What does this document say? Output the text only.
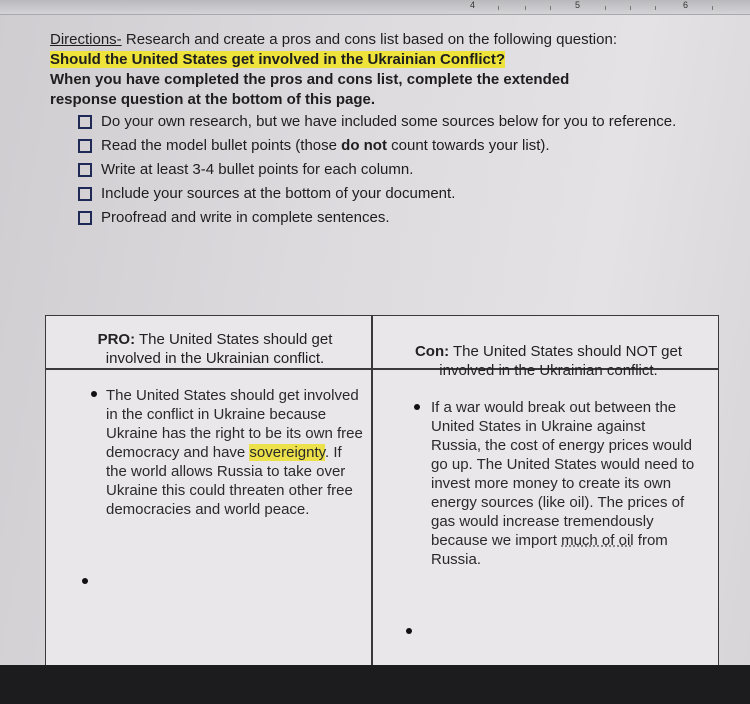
4	5	6
Directions- Research and create a pros and cons list based on the following question:
Should the United States get involved in the Ukrainian Conflict?
When you have completed the pros and cons list, complete the extended
response question at the bottom of this page.
Do your own research, but we have included some sources below for you to reference.
Read the model bullet points (those do not count towards your list).
Write at least 3-4 bullet points for each column.
Include your sources at the bottom of your document.
Proofread and write in complete sentences.
PRO: The United States should get involved in the Ukrainian conflict.	Con: The United States should NOT get involved in the Ukrainian conflict.
The United States should get involved in the conflict in Ukraine because Ukraine has the right to be its own free democracy and have sovereignty. If the world allows Russia to take over Ukraine this could threaten other free democracies and world peace.
If a war would break out between the United States in Ukraine against Russia, the cost of energy prices would go up. The United States would need to invest more money to create its own energy sources (like oil). The prices of gas would increase tremendously because we import much of oil from Russia.
